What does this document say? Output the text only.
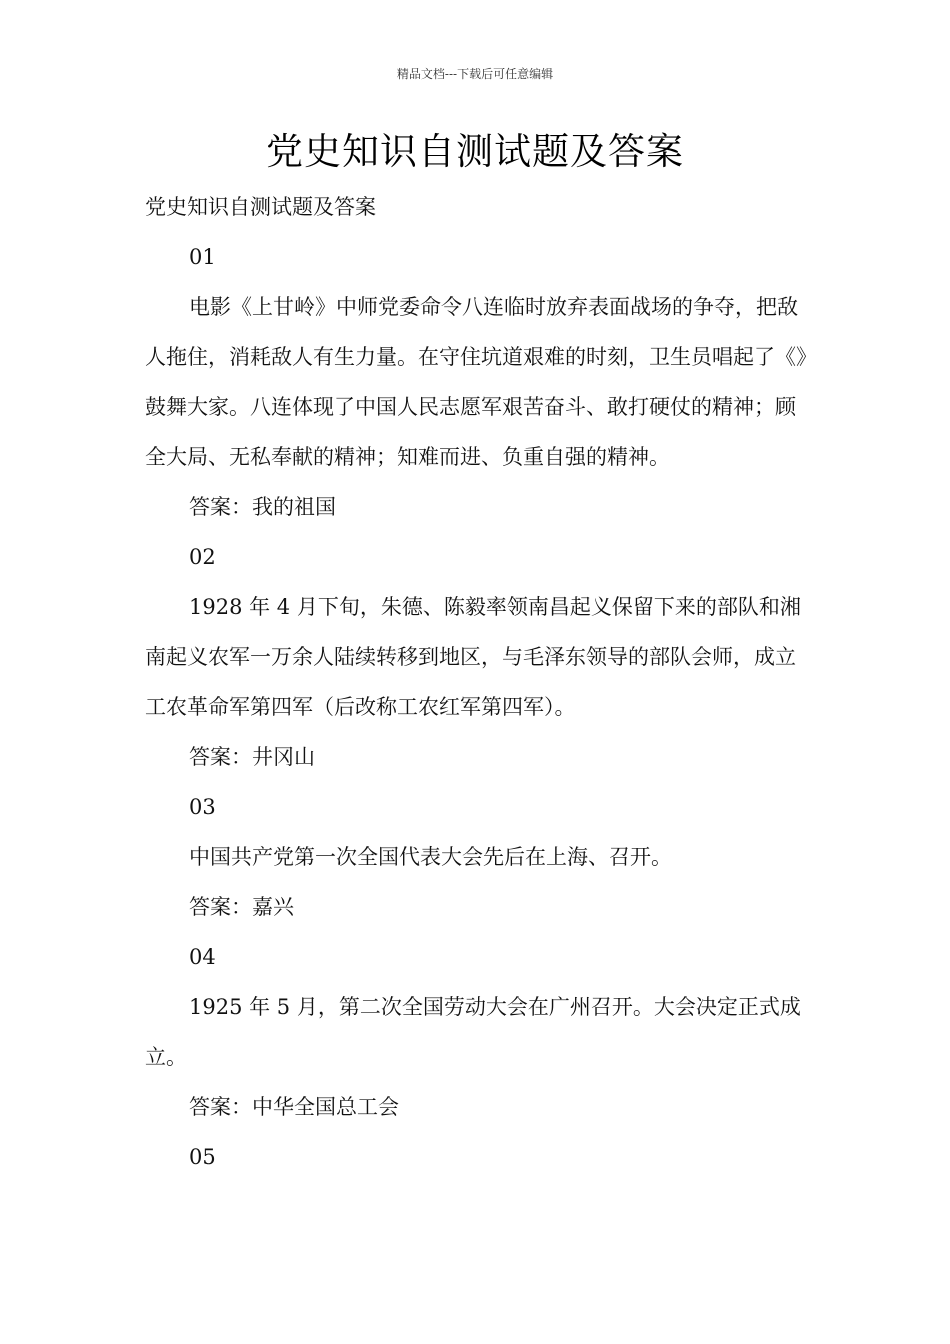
精品文档---下载后可任意编辑
党史知识自测试题及答案

党史知识自测试题及答案

01

电影《上甘岭》中师党委命令八连临时放弃表面战场的争夺，把敌人拖住，消耗敌人有生力量。在守住坑道艰难的时刻，卫生员唱起了《》鼓舞大家。八连体现了中国人民志愿军艰苦奋斗、敢打硬仗的精神；顾全大局、无私奉献的精神；知难而进、负重自强的精神。

答案：我的祖国

02

1928 年 4 月下旬，朱德、陈毅率领南昌起义保留下来的部队和湘南起义农军一万余人陆续转移到地区，与毛泽东领导的部队会师，成立工农革命军第四军（后改称工农红军第四军）。

答案：井冈山

03

中国共产党第一次全国代表大会先后在上海、召开。

答案：嘉兴

04

1925 年 5 月，第二次全国劳动大会在广州召开。大会决定正式成立。

答案：中华全国总工会

05
